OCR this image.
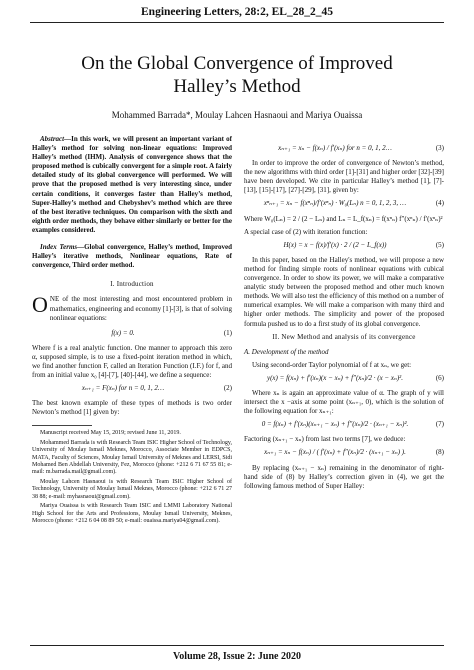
Engineering Letters, 28:2, EL_28_2_45
On the Global Convergence of Improved
Halley’s Method
Mohammed Barrada*, Moulay Lahcen Hasnaoui and Mariya Ouaissa

Abstract—In this work, we will present an important variant of Halley’s method for solving non-linear equations: Improved Halley’s method (IHM). Analysis of convergence shows that the proposed method is cubically convergent for a simple root. A fairly detailed study of its global convergence will performed. We will prove that the proposed method is very interesting since, under certain conditions, it converges faster than Halley’s method, Super-Halley’s method and Chebyshev’s method which are three of the best iterative techniques. On comparison with the sixth and eighth order methods, they behave either similarly or better for the examples considered.

Index Terms—Global convergence, Halley’s method, Improved Halley’s iterative methods, Nonlinear equations, Rate of convergence, Third order method.

I. Introduction

ONE of the most interesting and most encountered problem in mathematics, engineering and economy [1]-[3], is that of solving nonlinear equations:

f(x) = 0.	(1)

Where f is a real analytic function. One manner to approach this zero α, supposed simple, is to use a fixed-point iteration method in which, we find another function F, called an Iteration Function (I.F.) for f, and from an initial value x₀ [4]-[7], [40]-[44], we define a sequence:

xₙ₊₁ = F(xₙ) for n = 0, 1, 2…	(2)

The best known example of these types of methods is two order Newton’s method [1] given by:

Manuscript received May 15, 2019; revised June 11, 2019.

Mohammed Barrada is with Research Team ISIC Higher School of Technology, University of Moulay Ismail Meknes, Morocco, Associate Member in EDPCS, MATA, Faculty of Sciences, Moulay Ismail University of Meknes and LERSI, Sidi Mohamed Ben Abdellah University, Fez, Morocco (phone: +212 6 71 67 55 81; e-mail: m.barrada.mail@gmail.com).

Moulay Lahcen Hasnaoui is with Research Team ISIC Higher School of Technology, University of Moulay Ismail Meknes, Morocco (phone: +212 6 71 27 38 88; e-mail: myhasnaoui@gmail.com).

Mariya Ouaissa is with Research Team ISIC and LMMI Laboratory National High School for the Arts and Professions, Moulay Ismail University, Meknes, Morocco (phone: +212 6 04 08 89 50; e-mail: ouaissa.mariya04@gmail.com).

xₙ₊₁ = xₙ − f(xₙ) / f′(xₙ) for n = 0, 1, 2…	(3)

In order to improve the order of convergence of Newton’s method, the new algorithms with third order [1]-[31] and higher order [32]-[39] have been developed. We cite in particular Halley’s method [1], [7]-[13], [15]-[17], [27]-[29], [31], given by:

xⁿₙ₊₁ = xₙ − f(xⁿₙ)/f′(xⁿₙ) · W₀(Lₙ) n = 0, 1, 2, 3, …	(4)

Where W₀(Lₙ) = 2 / (2 − Lₙ) and Lₙ = L_f(xₙ) = f(xⁿₙ) f″(xⁿₙ) / f′(xⁿₙ)²

A special case of (2) with iteration function:

H(x) = x − f(x)/f′(x) · 2 / (2 − L_f(x))	(5)

In this paper, based on the Halley's method, we will propose a new method for finding simple roots of nonlinear equations with cubical convergence. In order to show its power, we will make a comparative analytic study between the proposed method and other much known methods. We will also test the efficiency of this method on a number of numerical examples. We will make a comparison with many third and higher order methods. The simplicity and power of the proposed formula pushed us to do a first study of its global convergence.

II. New Method and analysis of its convergence
A. Development of the method

Using second-order Taylor polynomial of f at xₙ, we get:

y(x) = f(xₙ) + f′(xₙ)(x − xₙ) + f″(xₙ)/2 · (x − xₙ)².	(6)

Where xₙ is again an approximate value of α. The graph of y will intersect the x −axis at some point (xₙ₊₁, 0), which is the solution of the following equation for xₙ₊₁:

0 = f(xₙ) + f′(xₙ)(xₙ₊₁ − xₙ) + f″(xₙ)/2 · (xₙ₊₁ − xₙ)².	(7)

Factoring (xₙ₊₁ − xₙ) from last two terms [7], we deduce:

xₙ₊₁ = xₙ − f(xₙ) / ( f′(xₙ) + f″(xₙ)/2 · (xₙ₊₁ − xₙ) ).	(8)

By replacing (xₙ₊₁ − xₙ) remaining in the denominator of right-hand side of (8) by Halley’s correction given in (4), we get the following famous method of Super Halley:

Volume 28, Issue 2: June 2020
